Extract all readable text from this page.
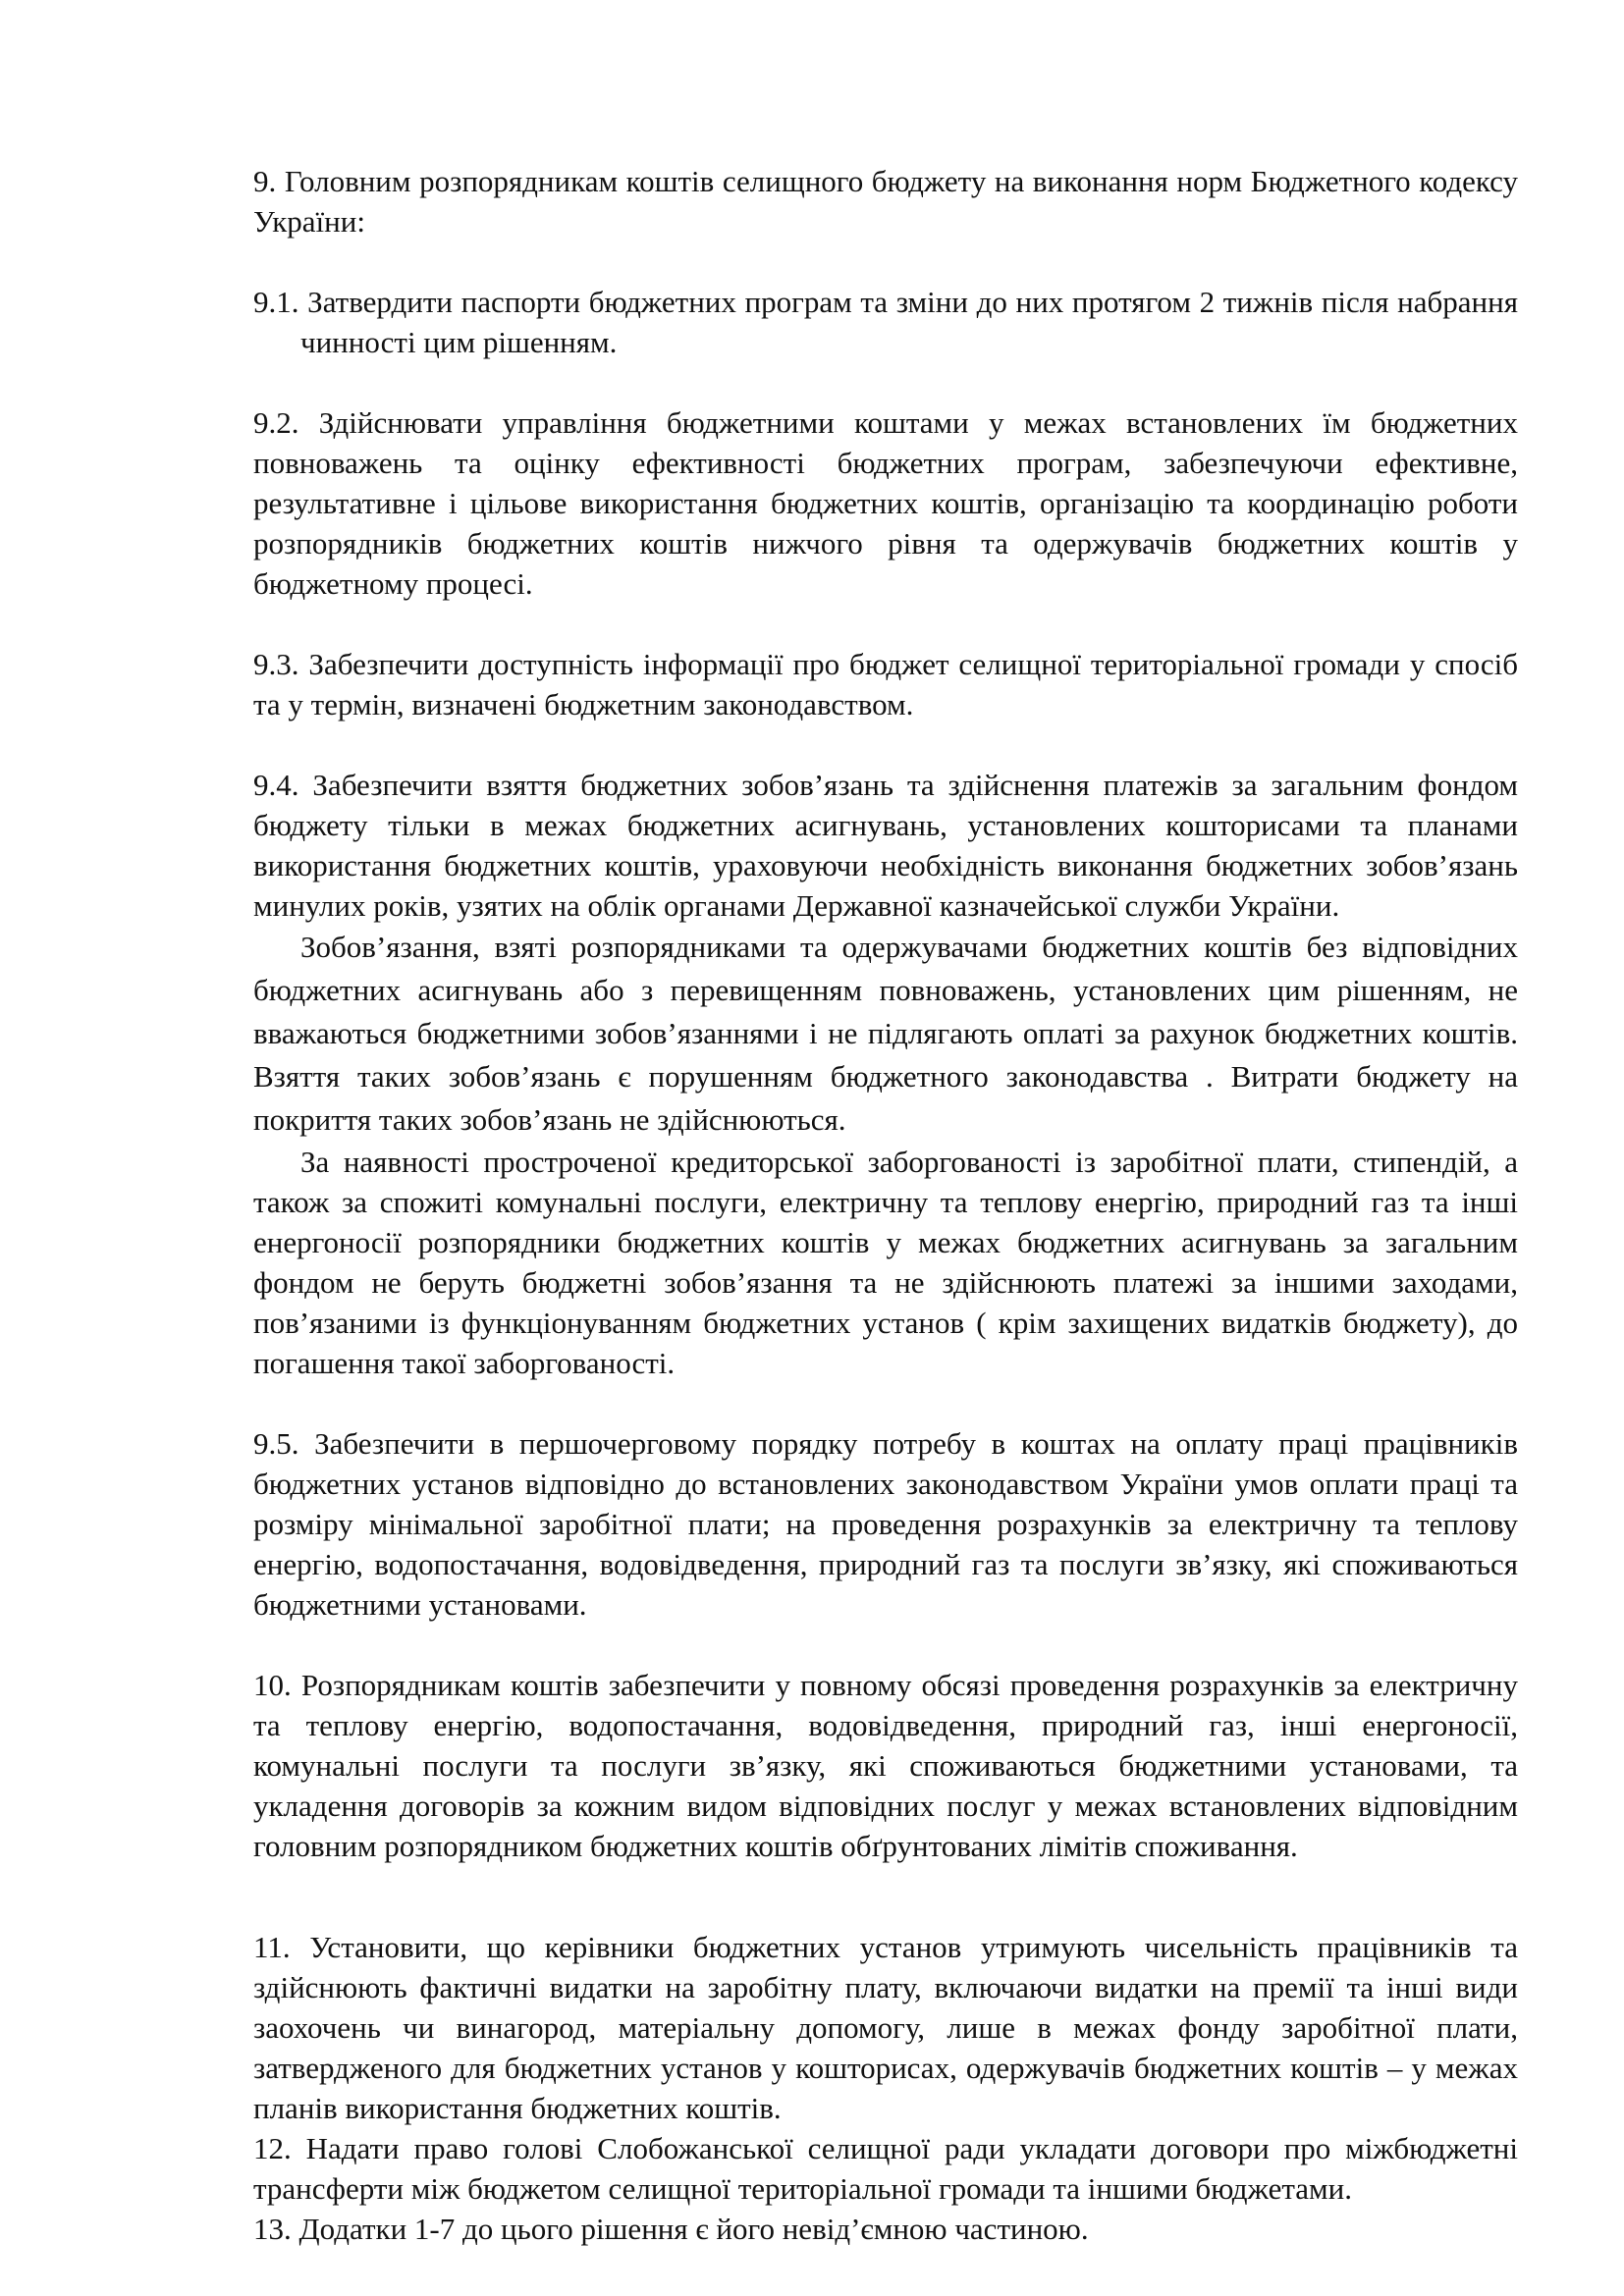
9. Головним розпорядникам коштів селищного бюджету на виконання норм Бюджетного кодексу України:

9.1. Затвердити паспорти бюджетних програм та зміни до них протягом 2 тижнів після набрання чинності цим рішенням.

9.2. Здійснювати управління бюджетними коштами у межах встановлених їм бюджетних повноважень та оцінку ефективності бюджетних програм, забезпечуючи ефективне, результативне і цільове використання бюджетних коштів, організацію та координацію роботи розпорядників бюджетних коштів нижчого рівня та одержувачів бюджетних коштів у бюджетному процесі.

9.3. Забезпечити доступність інформації про бюджет селищної територіальної громади у спосіб та у термін, визначені бюджетним законодавством.

9.4. Забезпечити взяття бюджетних зобов’язань та здійснення платежів за загальним фондом бюджету тільки в межах бюджетних асигнувань, установлених кошторисами та планами використання бюджетних коштів, ураховуючи необхідність виконання бюджетних зобов’язань минулих років, узятих на облік органами Державної казначейської служби України.

Зобов’язання, взяті розпорядниками та одержувачами бюджетних коштів без відповідних бюджетних асигнувань або з перевищенням повноважень, установлених цим рішенням, не вважаються бюджетними зобов’язаннями і не підлягають оплаті за рахунок бюджетних коштів. Взяття таких зобов’язань є порушенням бюджетного законодавства . Витрати бюджету на покриття таких зобов’язань не здійснюються.

За наявності простроченої кредиторської заборгованості із заробітної плати, стипендій, а також за спожиті комунальні послуги, електричну та теплову енергію, природний газ та інші енергоносії розпорядники бюджетних коштів у межах бюджетних асигнувань за загальним фондом не беруть бюджетні зобов’язання та не здійснюють платежі за іншими заходами, пов’язаними із функціонуванням бюджетних установ ( крім захищених видатків бюджету), до погашення такої заборгованості.

9.5. Забезпечити в першочерговому порядку потребу в коштах на оплату праці працівників бюджетних установ відповідно до встановлених законодавством України умов оплати праці та розміру мінімальної заробітної плати; на проведення розрахунків за електричну та теплову енергію, водопостачання, водовідведення, природний газ та послуги зв’язку, які споживаються бюджетними установами.

10. Розпорядникам коштів забезпечити у повному обсязі проведення розрахунків за електричну та теплову енергію, водопостачання, водовідведення, природний газ, інші енергоносії, комунальні послуги та послуги зв’язку, які споживаються бюджетними установами, та укладення договорів за кожним видом відповідних послуг у межах встановлених відповідним головним розпорядником бюджетних коштів обґрунтованих лімітів споживання.

11. Установити, що керівники бюджетних установ утримують чисельність працівників та здійснюють фактичні видатки на заробітну плату, включаючи видатки на премії та інші види заохочень чи винагород, матеріальну допомогу, лише в межах фонду заробітної плати, затвердженого для бюджетних установ у кошторисах, одержувачів бюджетних коштів – у межах планів використання бюджетних коштів.

12. Надати право голові Слобожанської селищної ради укладати договори про міжбюджетні трансферти між бюджетом селищної територіальної громади та іншими бюджетами.

13. Додатки 1-7 до цього рішення є його невід’ємною частиною.
